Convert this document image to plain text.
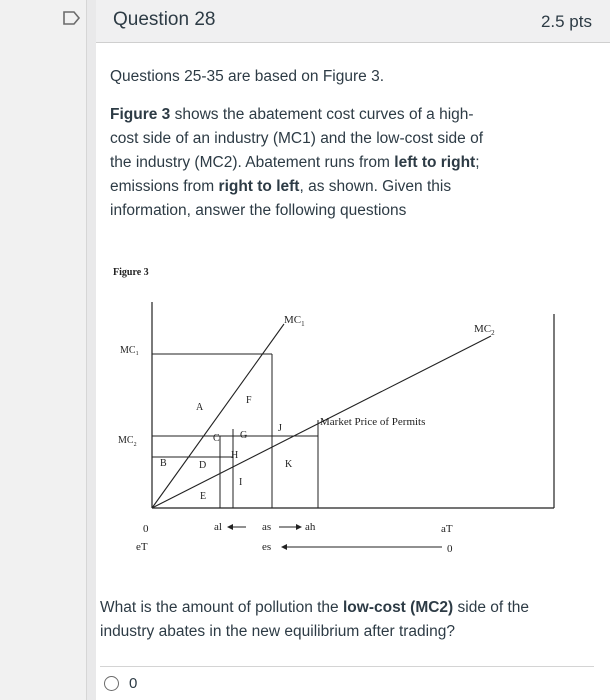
Question 28	2.5 pts
Questions 25-35 are based on Figure 3.
Figure 3 shows the abatement cost curves of a high-cost side of an industry (MC1) and the low-cost side of the industry (MC2). Abatement runs from left to right; emissions from right to left, as shown. Given this information, answer the following questions
Figure 3
$MC_1$	$MC_2$
$MC_1$
$MC_2$
A
B
C
D
E
F
G
H
I
J
K
Market Price of Permits
0
eT
al	as	ah
es
aT
0
What is the amount of pollution the low-cost (MC2) side of the industry abates in the new equilibrium after trading?
0
